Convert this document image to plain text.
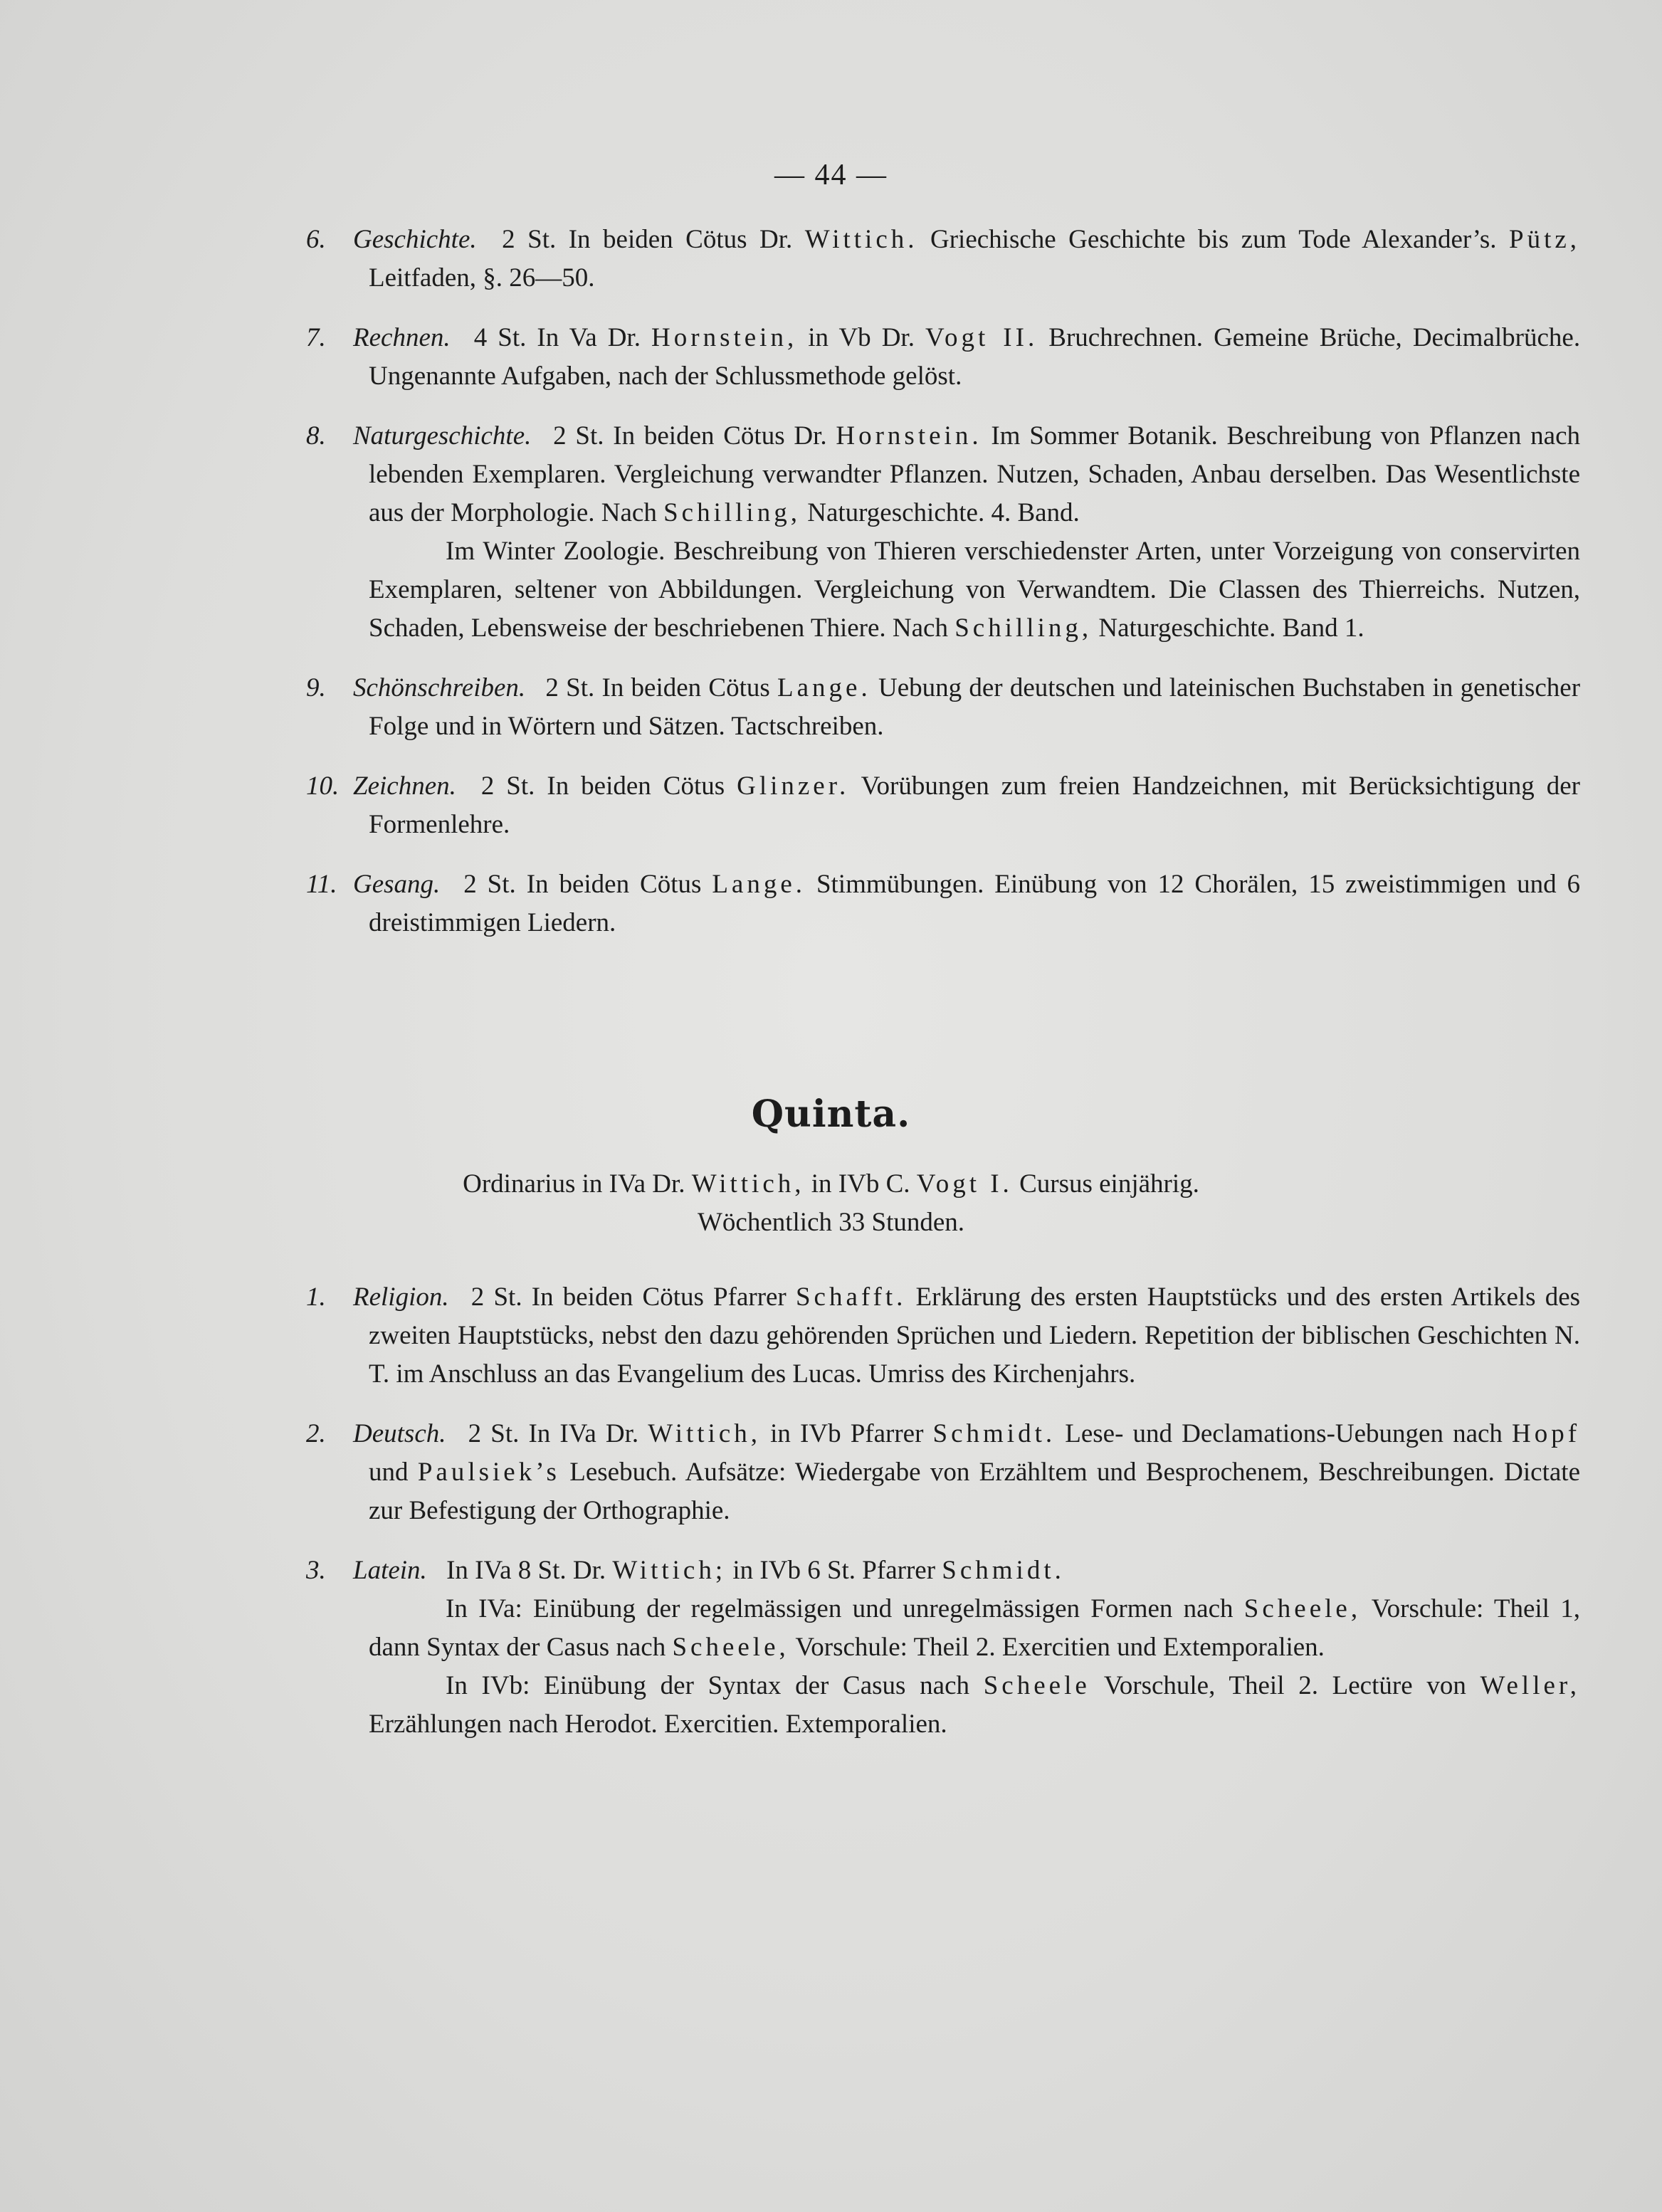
— 44 —

6. Geschichte. 2 St. In beiden Cötus Dr. Wittich. Griechische Geschichte bis zum Tode Alexander’s. Pütz, Leitfaden, §. 26—50.

7. Rechnen. 4 St. In Va Dr. Hornstein, in Vb Dr. Vogt II. Bruchrechnen. Gemeine Brüche, Decimalbrüche. Ungenannte Aufgaben, nach der Schlussmethode gelöst.

8. Naturgeschichte. 2 St. In beiden Cötus Dr. Hornstein. Im Sommer Botanik. Beschreibung von Pflanzen nach lebenden Exemplaren. Vergleichung verwandter Pflanzen. Nutzen, Schaden, Anbau derselben. Das Wesentlichste aus der Morphologie. Nach Schilling, Naturgeschichte. 4. Band.

Im Winter Zoologie. Beschreibung von Thieren verschiedenster Arten, unter Vorzeigung von conservirten Exemplaren, seltener von Abbildungen. Vergleichung von Verwandtem. Die Classen des Thierreichs. Nutzen, Schaden, Lebensweise der beschriebenen Thiere. Nach Schilling, Naturgeschichte. Band 1.

9. Schönschreiben. 2 St. In beiden Cötus Lange. Uebung der deutschen und lateinischen Buchstaben in genetischer Folge und in Wörtern und Sätzen. Tactschreiben.

10. Zeichnen. 2 St. In beiden Cötus Glinzer. Vorübungen zum freien Handzeichnen, mit Berücksichtigung der Formenlehre.

11. Gesang. 2 St. In beiden Cötus Lange. Stimmübungen. Einübung von 12 Chorälen, 15 zweistimmigen und 6 dreistimmigen Liedern.

Quinta.
Ordinarius in IVa Dr. Wittich, in IVb C. Vogt I. Cursus einjährig.
Wöchentlich 33 Stunden.

1. Religion. 2 St. In beiden Cötus Pfarrer Schafft. Erklärung des ersten Hauptstücks und des ersten Artikels des zweiten Hauptstücks, nebst den dazu gehörenden Sprüchen und Liedern. Repetition der biblischen Geschichten N. T. im Anschluss an das Evangelium des Lucas. Umriss des Kirchenjahrs.

2. Deutsch. 2 St. In IVa Dr. Wittich, in IVb Pfarrer Schmidt. Lese- und Declamations-Uebungen nach Hopf und Paulsiek’s Lesebuch. Aufsätze: Wiedergabe von Erzähltem und Besprochenem, Beschreibungen. Dictate zur Befestigung der Orthographie.

3. Latein. In IVa 8 St. Dr. Wittich; in IVb 6 St. Pfarrer Schmidt.

In IVa: Einübung der regelmässigen und unregelmässigen Formen nach Scheele, Vorschule: Theil 1, dann Syntax der Casus nach Scheele, Vorschule: Theil 2. Exercitien und Extemporalien.

In IVb: Einübung der Syntax der Casus nach Scheele Vorschule, Theil 2. Lectüre von Weller, Erzählungen nach Herodot. Exercitien. Extemporalien.
